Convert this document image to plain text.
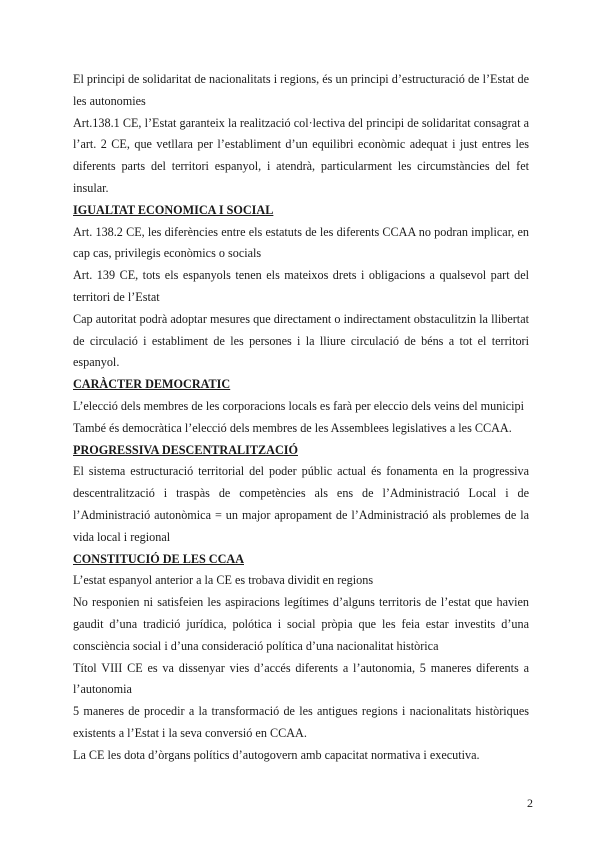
El principi de solidaritat de nacionalitats i regions, és un principi d’estructuració de l’Estat de les autonomies

Art.138.1 CE, l’Estat garanteix la realització col·lectiva del principi de solidaritat consagrat a l’art. 2 CE, que vetllara per l’establiment d’un equilibri econòmic adequat i just entres les diferents parts del territori espanyol, i atendrà, particularment les circumstàncies del fet insular.

IGUALTAT ECONOMICA I SOCIAL

Art. 138.2 CE, les diferències entre els estatuts de les diferents CCAA no podran implicar, en cap cas, privilegis econòmics o socials

Art. 139 CE, tots els espanyols tenen els mateixos drets i obligacions a qualsevol part del territori de l’Estat

Cap autoritat podrà adoptar mesures que directament o indirectament obstaculitzin la llibertat de circulació i establiment de les persones i la lliure circulació de béns a tot el territori espanyol.

CARÀCTER DEMOCRATIC

L’elecció dels membres de les corporacions locals es farà per eleccio dels veins del municipi

També és democràtica l’elecció dels membres de les Assemblees legislatives a les CCAA.

PROGRESSIVA DESCENTRALITZACIÓ

El sistema estructuració territorial del poder públic actual és fonamenta en la progressiva descentralització i traspàs de competències als ens de l’Administració Local i de l’Administració autonòmica = un major apropament de l’Administració als problemes de la vida local i regional

CONSTITUCIÓ DE LES CCAA

L’estat espanyol anterior a la CE es trobava dividit en regions

No responien ni satisfeien les aspiracions legítimes d’alguns territoris de l’estat que havien gaudit d’una tradició jurídica, polótica i social pròpia que les feia estar investits d’una consciència social i d’una consideració política d’una nacionalitat històrica

Títol VIII CE es va dissenyar vies d’accés diferents a l’autonomia, 5 maneres diferents a l’autonomia

5 maneres de procedir a la transformació de les antigues regions i nacionalitats històriques existents a l’Estat i la seva conversió en CCAA.

La CE les dota d’òrgans polítics d’autogovern amb capacitat normativa i executiva.

2
